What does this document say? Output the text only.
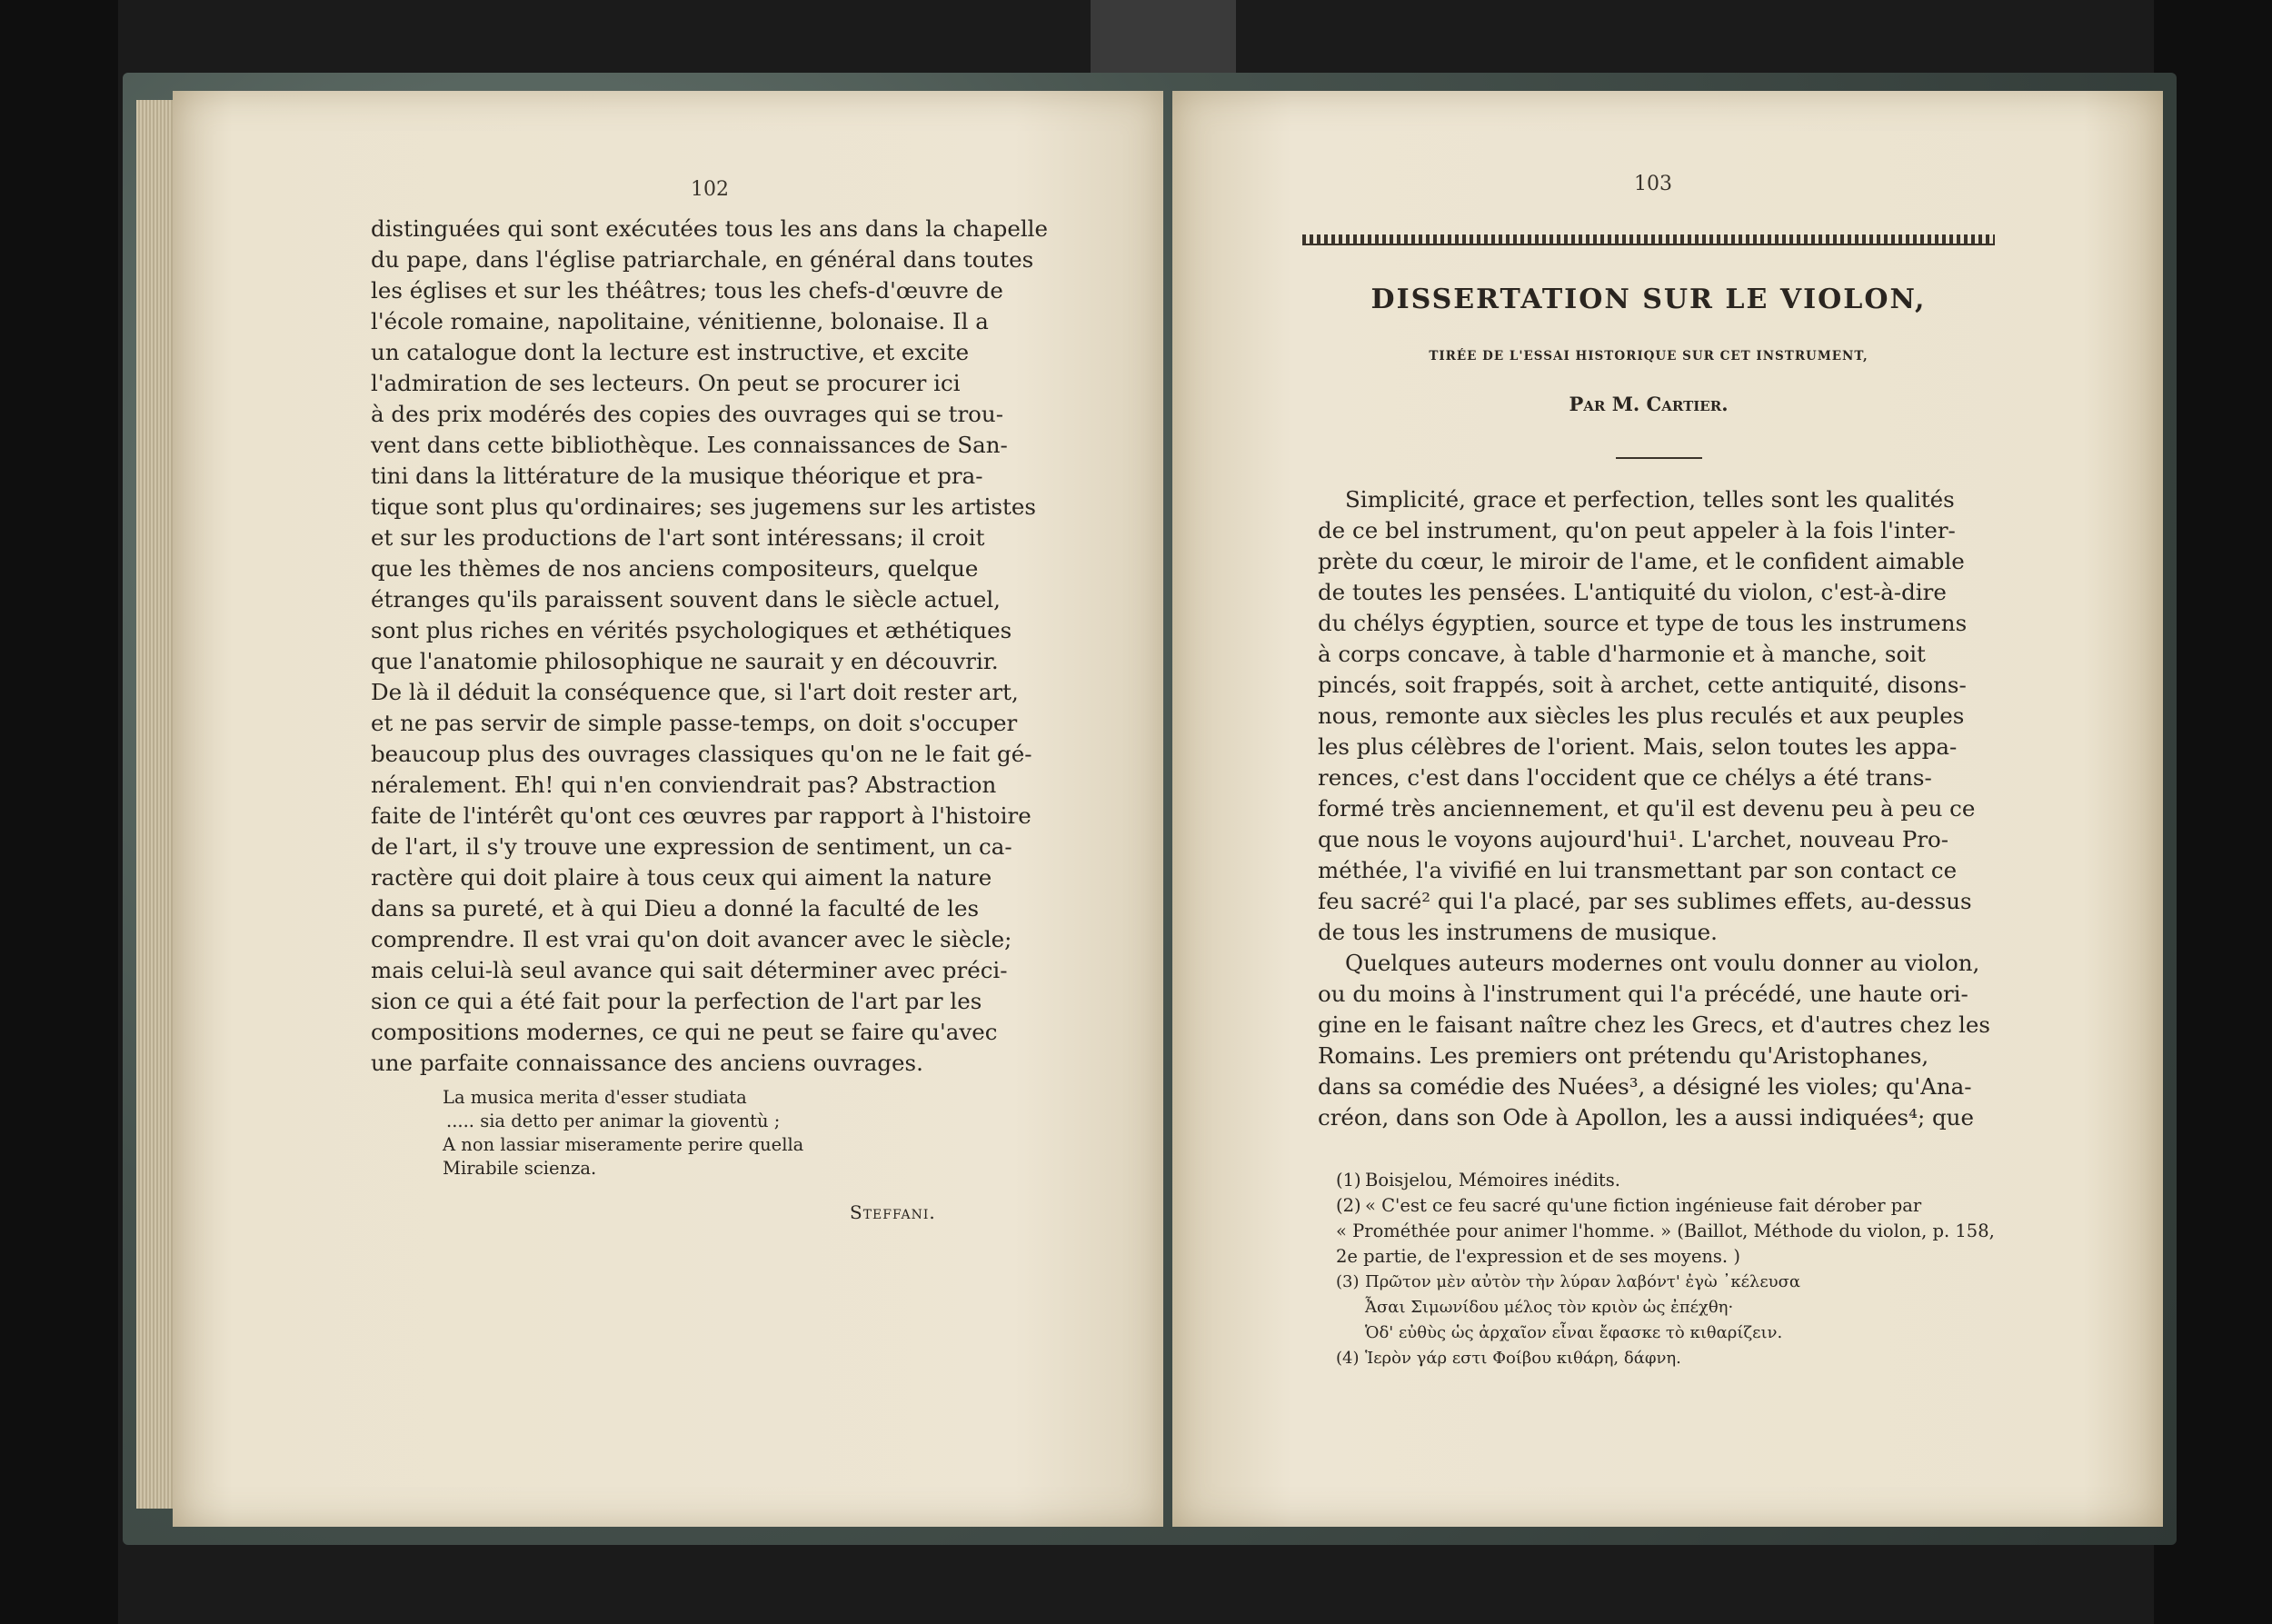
102

distinguées qui sont exécutées tous les ans dans la chapelle

du pape, dans l'église patriarchale, en général dans toutes

les églises et sur les théâtres; tous les chefs-d'œuvre de

l'école romaine, napolitaine, vénitienne, bolonaise. Il a

un catalogue dont la lecture est instructive, et excite

l'admiration de ses lecteurs. On peut se procurer ici

à des prix modérés des copies des ouvrages qui se trou-

vent dans cette bibliothèque. Les connaissances de San-

tini dans la littérature de la musique théorique et pra-

tique sont plus qu'ordinaires; ses jugemens sur les artistes

et sur les productions de l'art sont intéressans; il croit

que les thèmes de nos anciens compositeurs, quelque

étranges qu'ils paraissent souvent dans le siècle actuel,

sont plus riches en vérités psychologiques et æthétiques

que l'anatomie philosophique ne saurait y en découvrir.

De là il déduit la conséquence que, si l'art doit rester art,

et ne pas servir de simple passe-temps, on doit s'occuper

beaucoup plus des ouvrages classiques qu'on ne le fait gé-

néralement. Eh! qui n'en conviendrait pas? Abstraction

faite de l'intérêt qu'ont ces œuvres par rapport à l'histoire

de l'art, il s'y trouve une expression de sentiment, un ca-

ractère qui doit plaire à tous ceux qui aiment la nature

dans sa pureté, et à qui Dieu a donné la faculté de les

comprendre. Il est vrai qu'on doit avancer avec le siècle;

mais celui-là seul avance qui sait déterminer avec préci-

sion ce qui a été fait pour la perfection de l'art par les

compositions modernes, ce qui ne peut se faire qu'avec

une parfaite connaissance des anciens ouvrages.

La musica merita d'esser studiata
..... sia detto per animar la gioventù ;
A non lassiar miseramente perire quella
Mirabile scienza.
Steffani.
103
DISSERTATION SUR LE VIOLON,
TIRÉE DE L'ESSAI HISTORIQUE SUR CET INSTRUMENT,
Par M. Cartier.
Simplicité, grace et perfection, telles sont les qualités
de ce bel instrument, qu'on peut appeler à la fois l'inter-
prète du cœur, le miroir de l'ame, et le confident aimable
de toutes les pensées. L'antiquité du violon, c'est-à-dire
du chélys égyptien, source et type de tous les instrumens
à corps concave, à table d'harmonie et à manche, soit
pincés, soit frappés, soit à archet, cette antiquité, disons-
nous, remonte aux siècles les plus reculés et aux peuples
les plus célèbres de l'orient. Mais, selon toutes les appa-
rences, c'est dans l'occident que ce chélys a été trans-
formé très anciennement, et qu'il est devenu peu à peu ce
que nous le voyons aujourd'hui¹. L'archet, nouveau Pro-
méthée, l'a vivifié en lui transmettant par son contact ce
feu sacré² qui l'a placé, par ses sublimes effets, au-dessus
de tous les instrumens de musique.
Quelques auteurs modernes ont voulu donner au violon,
ou du moins à l'instrument qui l'a précédé, une haute ori-
gine en le faisant naître chez les Grecs, et d'autres chez les
Romains. Les premiers ont prétendu qu'Aristophanes,
dans sa comédie des Nuées³, a désigné les violes; qu'Ana-
créon, dans son Ode à Apollon, les a aussi indiquées⁴; que
(1) Boisjelou, Mémoires inédits.
(2) « C'est ce feu sacré qu'une fiction ingénieuse fait dérober par
« Prométhée pour animer l'homme. » (Baillot, Méthode du violon, p. 158,
2e partie, de l'expression et de ses moyens. )
(3) Πρῶτον μὲν αὐτὸν τὴν λύραν λαβόντ' ἐγὼ ᾿κέλευσα
Ἆσαι Σιμωνίδου μέλος τὸν κριὸν ὡς ἐπέχθη·
Ὁδ' εὐθὺς ὡς ἀρχαῖον εἶναι ἔφασκε τὸ κιθαρίζειν.
(4) Ἱερὸν γάρ εστι Φοίβου κιθάρη, δάφνη.
